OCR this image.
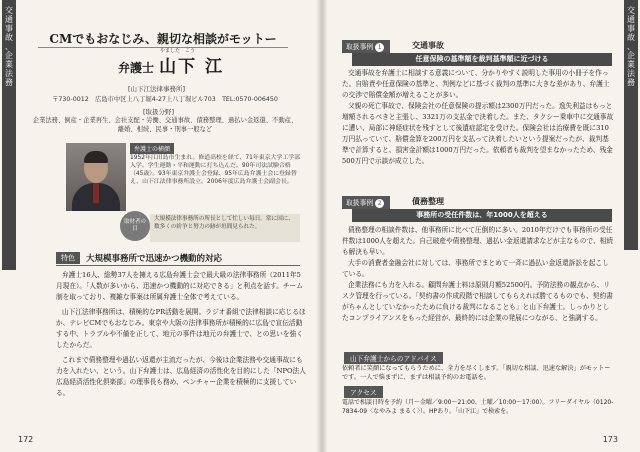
交
通
事
故
、
企
業
法
務
CMでもおなじみ、親切な相談がモットー
やました　こう
弁護士 山下 江
[山下江法律事務所]
〒730-0012　広島市中区上八丁堀4-27上八丁堀ビル703　TEL:0570-006450
[取扱分野]
企業法務、倒産・企業再生、会社支配・労働、交通事故、債務整理、過払い金返還、不動産、離婚、相続、民事・刑事一般など
弁護士の横顔
1952年江田島市生まれ。修道高校を経て、71年東京大学工学部入学。学生運動・平和運動に打ち込んだ。90年司法試験合格（45歳）。93年東京弁護士会登録、95年広島弁護士会に登録替え、山下江法律事務所設立。2006年度広島弁護士会副会長。
取材者の目
大規模法律事務所の所長として忙しい毎日。常に国に、数多くの紛争と努力の跡が垣間見られた。
特色	大規模事務所で迅速かつ機動的対応

弁護士16人、総勢37人を擁える広島弁護士会で最大級の法律事務所（2011年5月現在）。「人数が多いから、迅速かつ機動的に対応できる」と利点を話す。チーム制を取っており、複雑な事案は所属弁護士全体で考えている。

山下江法律事務所は、積極的なPR活動を展開。ラジオ番組で法律相談に応じるほか、テレビCMでもおなじみ。東京や大阪の法律事務所が積極的に広島で宣伝活動する中、トラブルや不備を正して、地元の事件は地元の弁護士で、との思いを強くしたからだ。

これまで債務整理や過払い返還が主流だったが、今後は企業法務や交通事故にも力を入れたい、という。山下弁護士は、広島経済の活性化を目的にした「NPO法人広島経済活性化倶楽部」の理事長も務め、ベンチャー企業を積極的に支援している。

172
交
通
事
故
、
企
業
法
務
取扱事例 1	交通事故
任意保険の基準額を裁判基準額に近づける

交通事故を弁護士に相談する意義について、分かりやすく説明した事用の小冊子を作った。自賠責や任意保険の基準と、判例などに基づく裁判の基準に大きな差があり、弁護士の交渉で賠償金額が増えることが多い。

父親の死亡事故で、保険会社の任意保険の提示額は2300万円だった。逸失利益はもっと増額されるべきと主張し、3321万の支払金で決着した。また、タクシー乗車中に交通事故に遭い、局部に神経症状を残すとして後遺症認定を受けた。保険会社は治療費を既に310万円払っていて、賠償金算を200万円を支払って決着したいという提案だったが、裁判基準で計算すると、損害金計額は1000万円だった。依頼者も裁判を望まなかったため、残金500万円で示談が成立した。

取扱事例 2	債務整理
事務所の受任件数は、年1000人を超える

債務整理の相談件数は、他事務所に比べて圧倒的に多い。2010年だけでも事務所の受任件数は1000人を超えた。自己破産や債務整理、過払い金返還請求などが主なもので、相続も解決も早い。

大手の消費者金融会社に対しては、事務所でまとめて一斉に過払い金返還訴訟を起こしている。

企業法務にも力を入れる。顧問弁護士料は原則月額52500円。予防法務の観点から、リスク管理を行っている。「契約書の作成段階で相談してもらえれば勝てるものでも、契約書がちゃんとしていなかったために負ける裁判になることも」と山下弁護士。しっかりとしたコンプライアンスをもった経営が、最終的には企業の発展につながる、と強調する。

山下弁護士からのアドバイス
依頼者に笑顔になってもらうために、全力を尽くします。「親切な相談、迅速な解決」がモットーです。一人で悩まずに、まずは相談予約のお電話を。
アクセス
電話で相談日時を予約（月〜金曜／9:00〜21:00、土曜／10:00〜17:00）。フリーダイヤル（0120-7834-09〈なやみよ まるく〉）。HPあり。「山下江」で検索を。
173
